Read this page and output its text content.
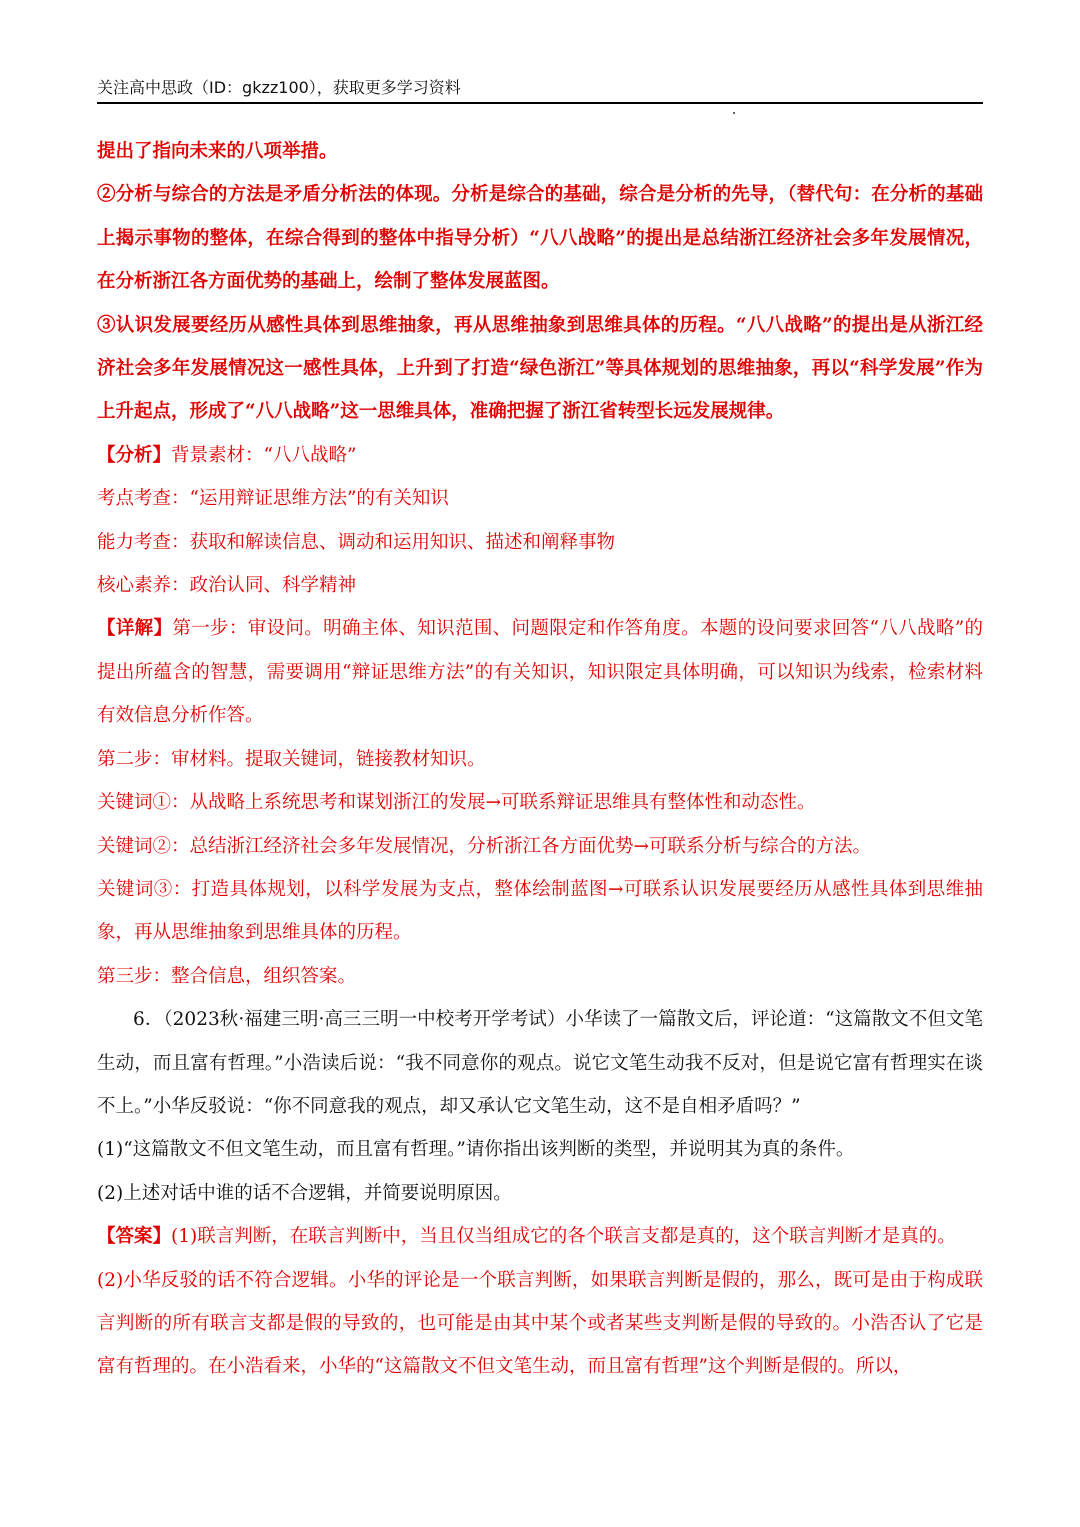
关注高中思政（ID：gkzz100），获取更多学习资料

提出了指向未来的八项举措。

②分析与综合的方法是矛盾分析法的体现。分析是综合的基础，综合是分析的先导，（替代句：在分析的基础上揭示事物的整体，在综合得到的整体中指导分析）“八八战略”的提出是总结浙江经济社会多年发展情况，在分析浙江各方面优势的基础上，绘制了整体发展蓝图。

③认识发展要经历从感性具体到思维抽象，再从思维抽象到思维具体的历程。“八八战略”的提出是从浙江经济社会多年发展情况这一感性具体，上升到了打造“绿色浙江”等具体规划的思维抽象，再以“科学发展”作为上升起点，形成了“八八战略”这一思维具体，准确把握了浙江省转型长远发展规律。

【分析】背景素材：“八八战略”

考点考查：“运用辩证思维方法”的有关知识

能力考查：获取和解读信息、调动和运用知识、描述和阐释事物

核心素养：政治认同、科学精神

【详解】第一步：审设问。明确主体、知识范围、问题限定和作答角度。本题的设问要求回答“八八战略”的提出所蕴含的智慧，需要调用“辩证思维方法”的有关知识，知识限定具体明确，可以知识为线索，检索材料有效信息分析作答。

第二步：审材料。提取关键词，链接教材知识。

关键词①：从战略上系统思考和谋划浙江的发展→可联系辩证思维具有整体性和动态性。

关键词②：总结浙江经济社会多年发展情况，分析浙江各方面优势→可联系分析与综合的方法。

关键词③：打造具体规划，以科学发展为支点，整体绘制蓝图→可联系认识发展要经历从感性具体到思维抽象，再从思维抽象到思维具体的历程。

第三步：整合信息，组织答案。

6．（2023秋·福建三明·高三三明一中校考开学考试）小华读了一篇散文后，评论道：“这篇散文不但文笔生动，而且富有哲理。”小浩读后说：“我不同意你的观点。说它文笔生动我不反对，但是说它富有哲理实在谈不上。”小华反驳说：“你不同意我的观点，却又承认它文笔生动，这不是自相矛盾吗？”

(1)“这篇散文不但文笔生动，而且富有哲理。”请你指出该判断的类型，并说明其为真的条件。

(2)上述对话中谁的话不合逻辑，并简要说明原因。

【答案】(1)联言判断，在联言判断中，当且仅当组成它的各个联言支都是真的，这个联言判断才是真的。

(2)小华反驳的话不符合逻辑。小华的评论是一个联言判断，如果联言判断是假的，那么，既可是由于构成联言判断的所有联言支都是假的导致的，也可能是由其中某个或者某些支判断是假的导致的。小浩否认了它是富有哲理的。在小浩看来，小华的“这篇散文不但文笔生动，而且富有哲理”这个判断是假的。所以，
